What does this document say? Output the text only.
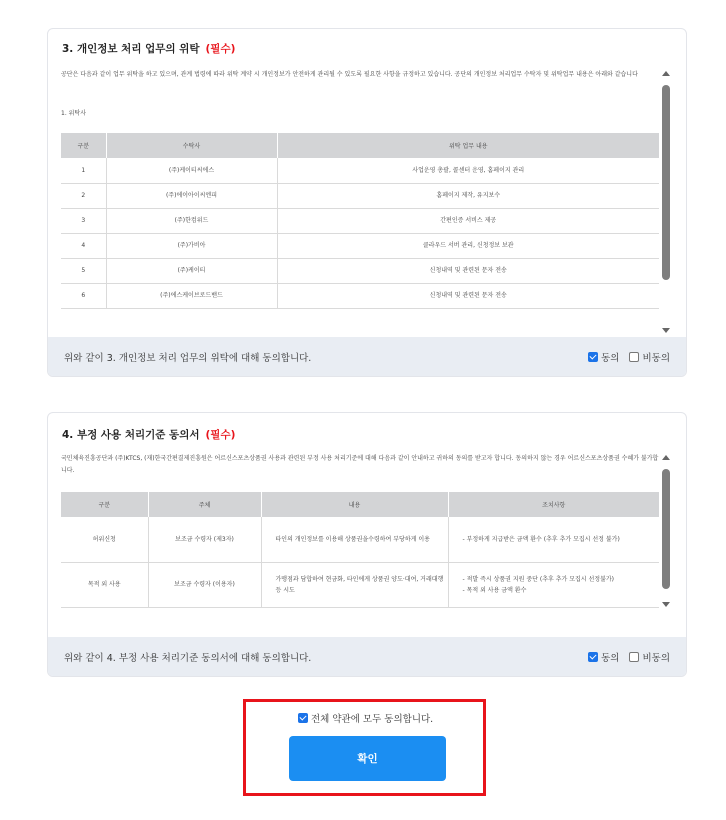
3. 개인정보 처리 업무의 위탁 (필수)
공단은 다음과 같이 업무 위탁을 하고 있으며, 관계 법령에 따라 위탁 계약 시 개인정보가 안전하게 관리될 수 있도록 필요한 사항을 규정하고 있습니다. 공단의 개인정보 처리업무 수탁자 및 위탁업무 내용은 아래와 같습니다
1. 위탁사
구분	수탁사	위탁 업무 내용
1	(주)케이티씨에스	사업운영 총괄, 콜센터 운영, 홈페이지 관리
2	(주)에이아이씨엔피	홈페이지 제작, 유지보수
3	(주)한컴위드	간편인증 서비스 제공
4	(주)가비아	클라우드 서버 관리, 신청정보 보관
5	(주)케이티	신청내역 및 관련된 문자 전송
6	(주)에스케이브로드밴드	신청내역 및 관련된 문자 전송
위와 같이 3. 개인정보 처리 업무의 위탁에 대해 동의합니다.	동의 비동의
4. 부정 사용 처리기준 동의서 (필수)
국민체육진흥공단과 (주)KTCS, (재)한국간편결제진흥원은 어르신스포츠상품권 사용과 관련된 부정 사용 처리기준에 대해 다음과 같이 안내하고 귀하의 동의를 받고자 합니다. 동의하지 않는 경우 어르신스포츠상품권 수혜가 불가합니다.
구분	주체	내용	조치사항
허위신청	보조금 수령자 (제3자)	타인의 개인정보를 이용해 상품권을수령하여 부당하게 이용	- 부정하게 지급받은 금액 환수 (추후 추가 모집시 선정 불가)
목적 외 사용	보조금 수령자 (이용자)	가맹점과 담합하여 현금화, 타인에게 상품권 양도·대여, 거래대행 등 시도	- 적발 즉시 상품권 지원 중단 (추후 추가 모집시 선정불가)
- 목적 외 사용 금액 환수
위와 같이 4. 부정 사용 처리기준 동의서에 대해 동의합니다.	동의 비동의
전체 약관에 모두 동의합니다.
확인
